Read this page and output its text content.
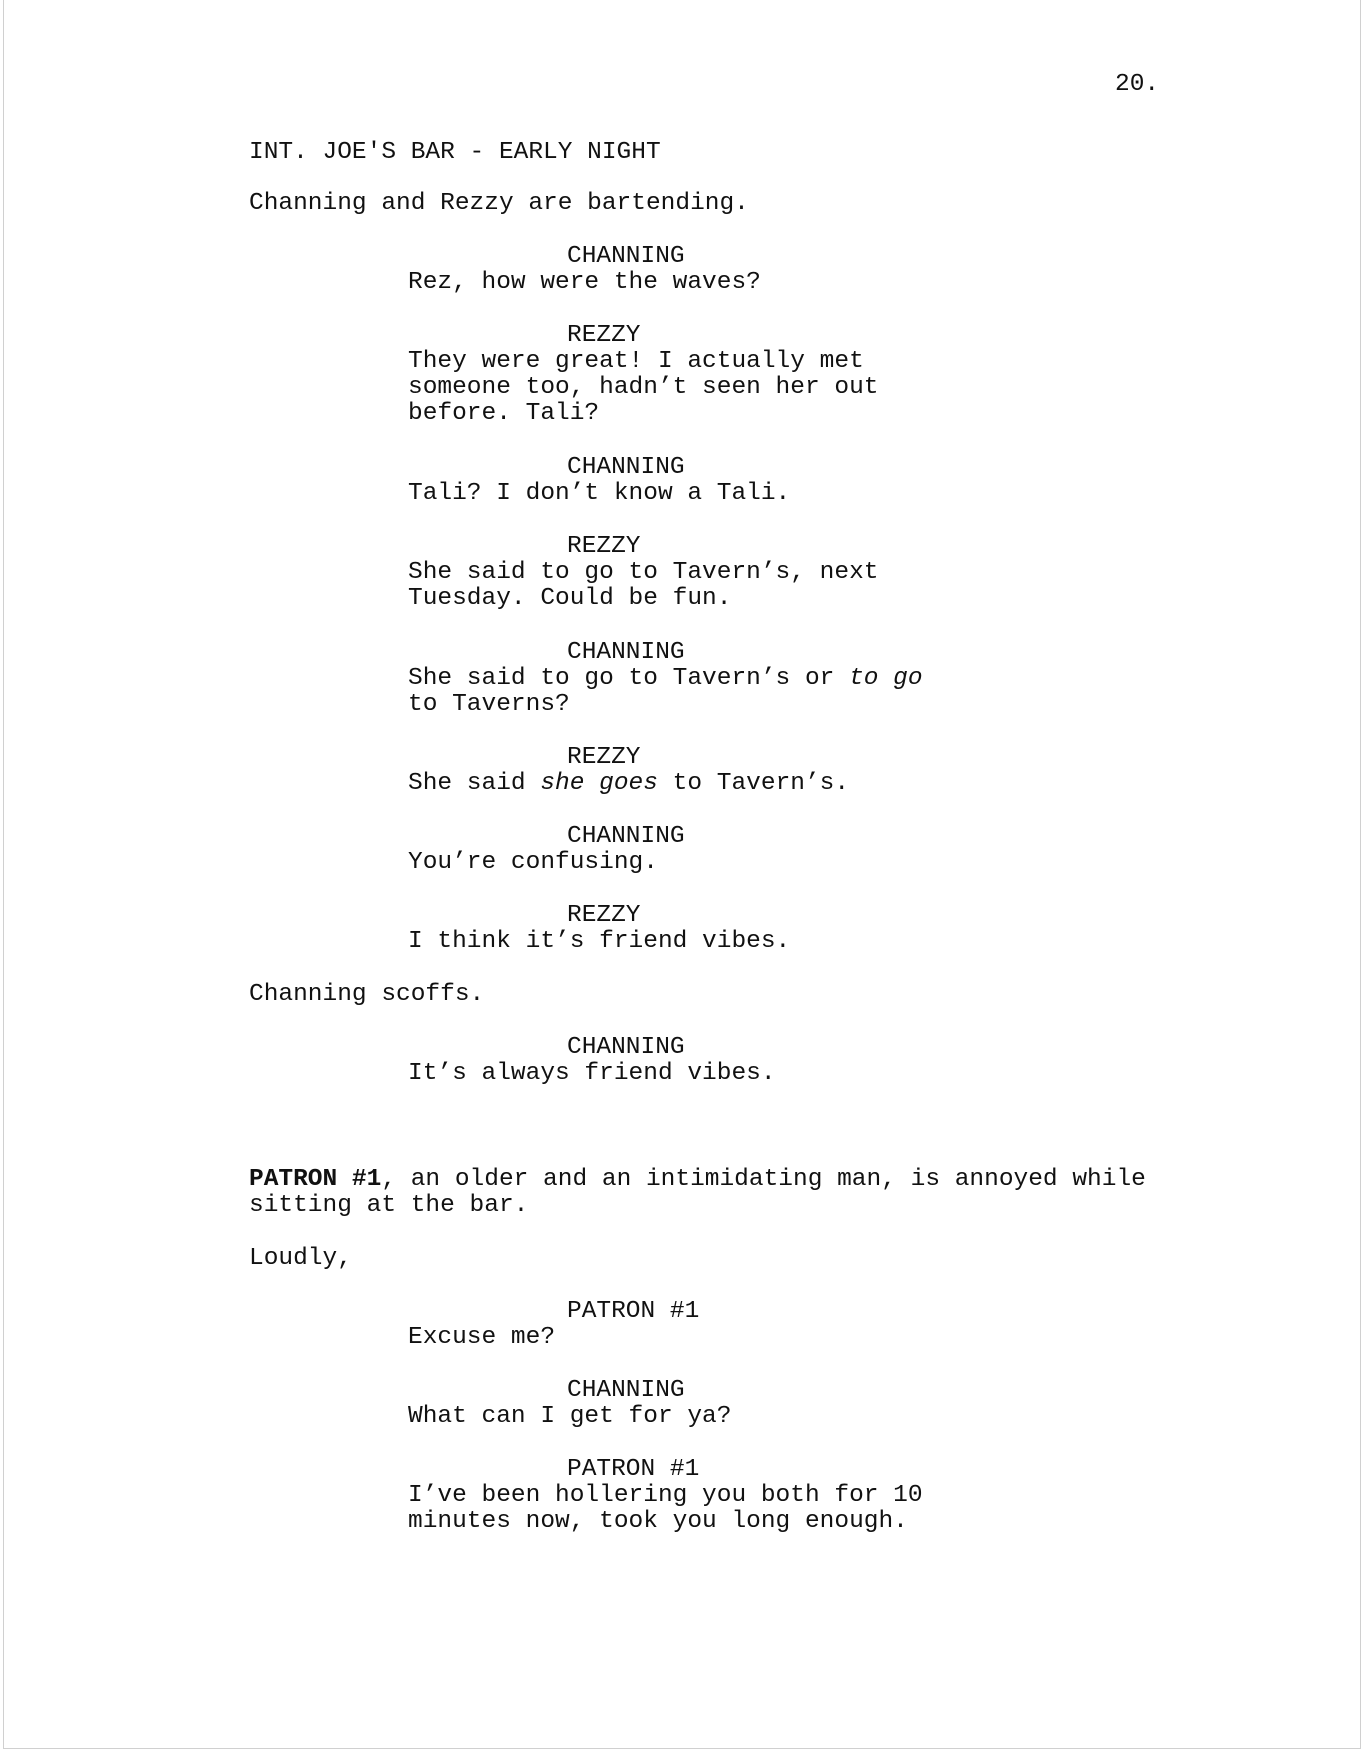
20.
INT. JOE'S BAR - EARLY NIGHT
Channing and Rezzy are bartending.
CHANNING
Rez, how were the waves?
REZZY
They were great! I actually met
someone too, hadn’t seen her out
before. Tali?
CHANNING
Tali? I don’t know a Tali.
REZZY
She said to go to Tavern’s, next
Tuesday. Could be fun.
CHANNING
She said to go to Tavern’s or to go
to Taverns?
REZZY
She said she goes to Tavern’s.
CHANNING
You’re confusing.
REZZY
I think it’s friend vibes.
Channing scoffs.
CHANNING
It’s always friend vibes.
PATRON #1, an older and an intimidating man, is annoyed while
sitting at the bar.
Loudly,
PATRON #1
Excuse me?
CHANNING
What can I get for ya?
PATRON #1
I’ve been hollering you both for 10
minutes now, took you long enough.
